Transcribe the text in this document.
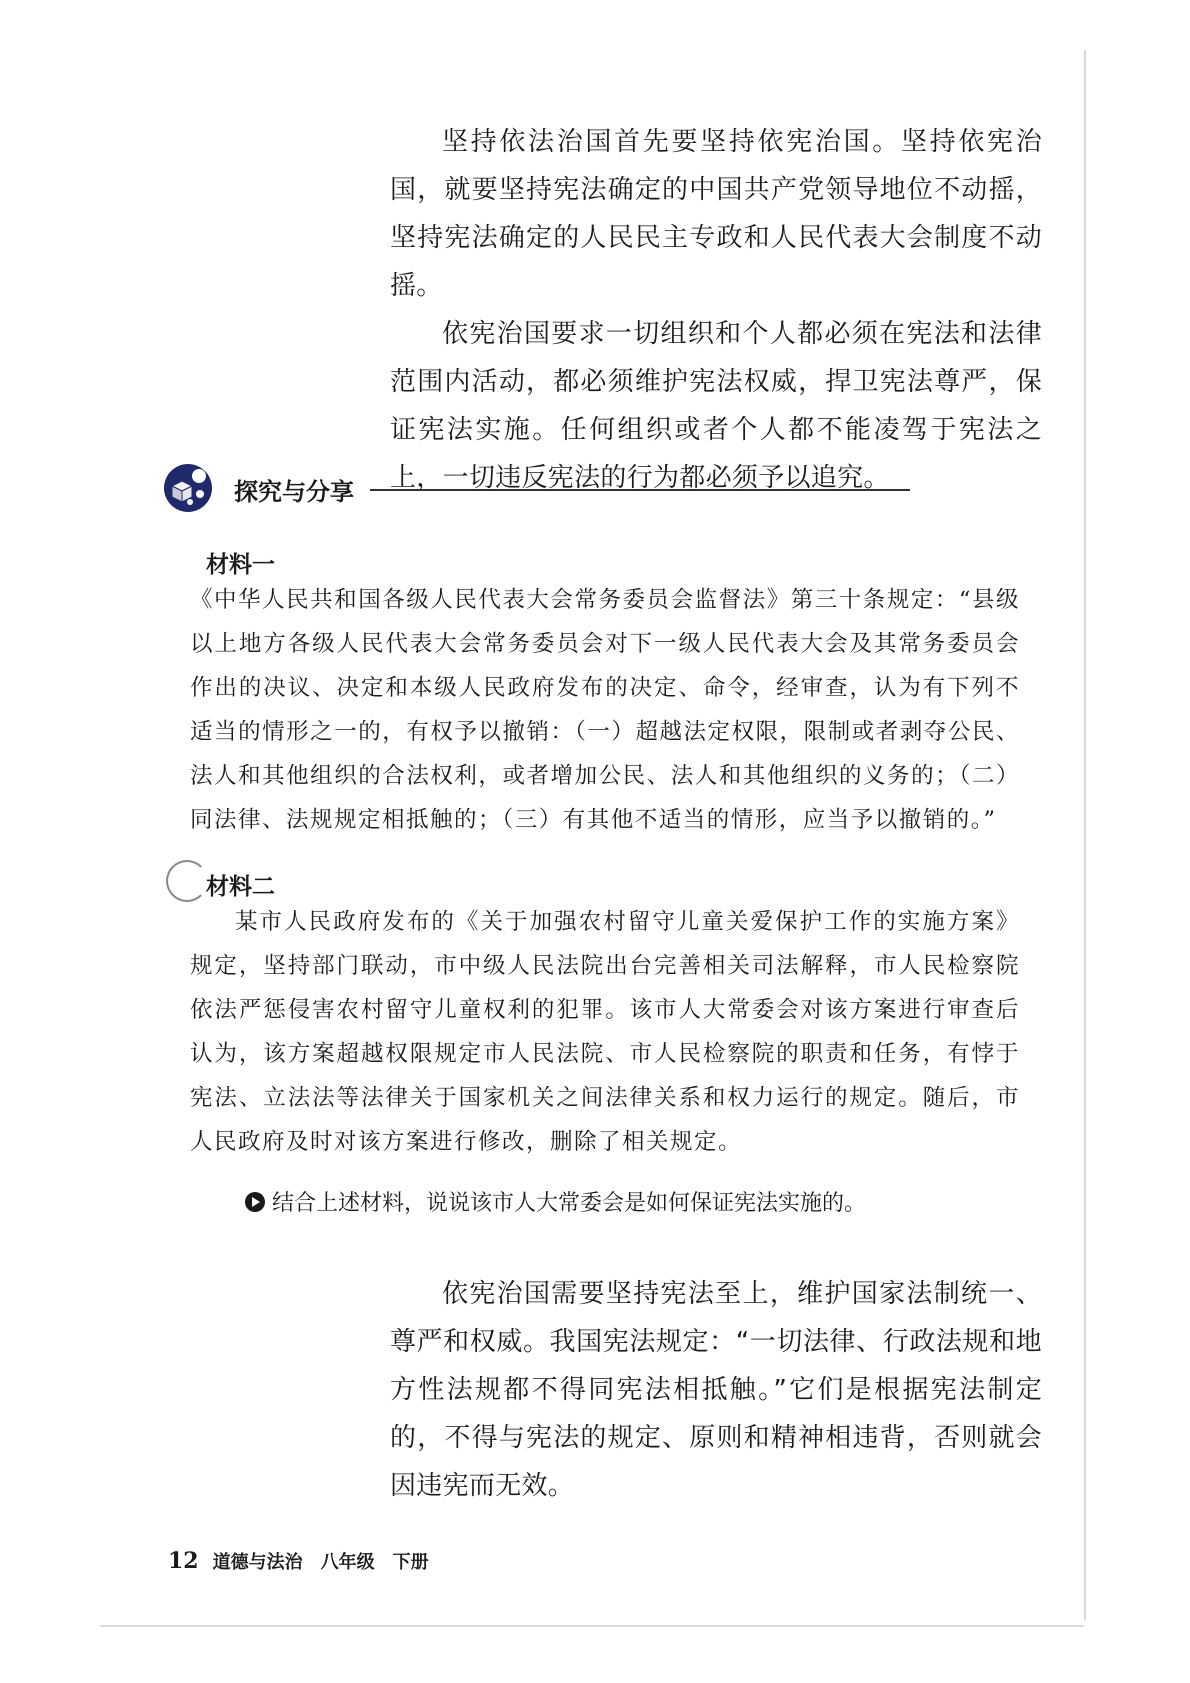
坚持依法治国首先要坚持依宪治国。坚持依宪治国，就要坚持宪法确定的中国共产党领导地位不动摇，坚持宪法确定的人民民主专政和人民代表大会制度不动摇。

依宪治国要求一切组织和个人都必须在宪法和法律范围内活动，都必须维护宪法权威，捍卫宪法尊严，保证宪法实施。任何组织或者个人都不能凌驾于宪法之上，一切违反宪法的行为都必须予以追究。

探究与分享
材料一

《中华人民共和国各级人民代表大会常务委员会监督法》第三十条规定：“县级以上地方各级人民代表大会常务委员会对下一级人民代表大会及其常务委员会作出的决议、决定和本级人民政府发布的决定、命令，经审查，认为有下列不适当的情形之一的，有权予以撤销：（一）超越法定权限，限制或者剥夺公民、法人和其他组织的合法权利，或者增加公民、法人和其他组织的义务的；（二）同法律、法规规定相抵触的；（三）有其他不适当的情形，应当予以撤销的。”

材料二

某市人民政府发布的《关于加强农村留守儿童关爱保护工作的实施方案》规定，坚持部门联动，市中级人民法院出台完善相关司法解释，市人民检察院依法严惩侵害农村留守儿童权利的犯罪。该市人大常委会对该方案进行审查后认为，该方案超越权限规定市人民法院、市人民检察院的职责和任务，有悖于宪法、立法法等法律关于国家机关之间法律关系和权力运行的规定。随后，市人民政府及时对该方案进行修改，删除了相关规定。

结合上述材料，说说该市人大常委会是如何保证宪法实施的。

依宪治国需要坚持宪法至上，维护国家法制统一、尊严和权威。我国宪法规定：“一切法律、行政法规和地方性法规都不得同宪法相抵触。”它们是根据宪法制定的，不得与宪法的规定、原则和精神相违背，否则就会因违宪而无效。

12 道德与法治 八年级 下册
